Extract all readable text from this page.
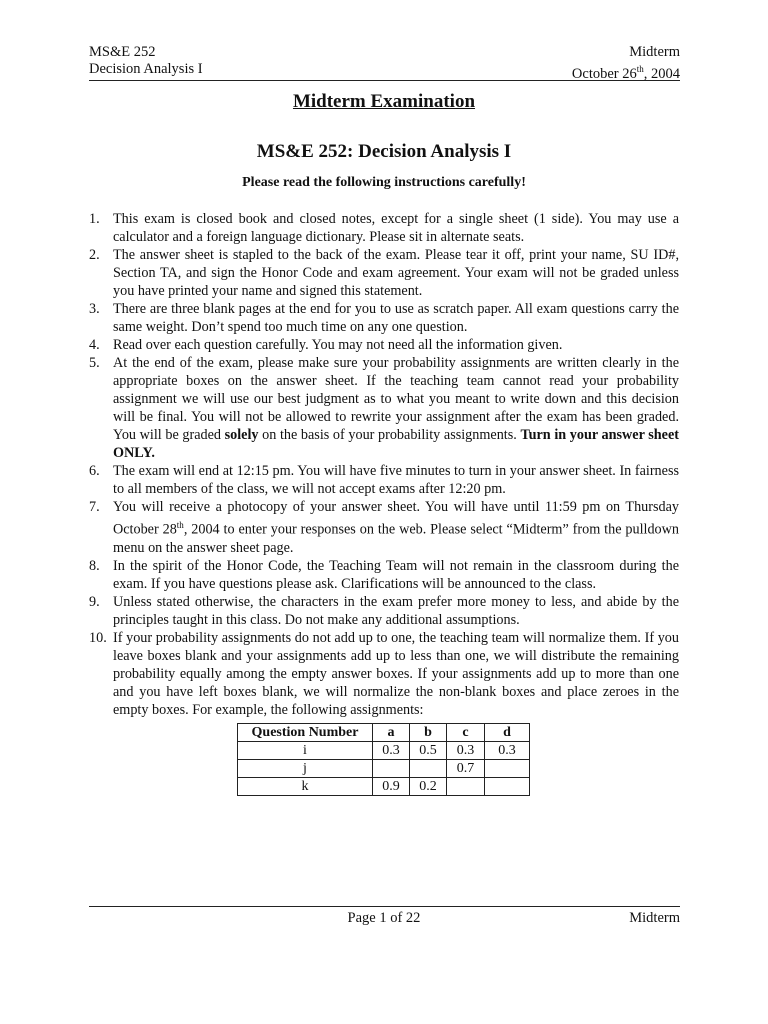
MS&E 252
Decision Analysis I
Midterm
October 26th, 2004
Midterm Examination
MS&E 252: Decision Analysis I
Please read the following instructions carefully!
1. This exam is closed book and closed notes, except for a single sheet (1 side). You may use a calculator and a foreign language dictionary. Please sit in alternate seats.
2. The answer sheet is stapled to the back of the exam. Please tear it off, print your name, SU ID#, Section TA, and sign the Honor Code and exam agreement. Your exam will not be graded unless you have printed your name and signed this statement.
3. There are three blank pages at the end for you to use as scratch paper. All exam questions carry the same weight. Don’t spend too much time on any one question.
4. Read over each question carefully. You may not need all the information given.
5. At the end of the exam, please make sure your probability assignments are written clearly in the appropriate boxes on the answer sheet. If the teaching team cannot read your probability assignment we will use our best judgment as to what you meant to write down and this decision will be final. You will not be allowed to rewrite your assignment after the exam has been graded. You will be graded solely on the basis of your probability assignments. Turn in your answer sheet ONLY.
6. The exam will end at 12:15 pm. You will have five minutes to turn in your answer sheet. In fairness to all members of the class, we will not accept exams after 12:20 pm.
7. You will receive a photocopy of your answer sheet. You will have until 11:59 pm on Thursday October 28th, 2004 to enter your responses on the web. Please select “Midterm” from the pulldown menu on the answer sheet page.
8. In the spirit of the Honor Code, the Teaching Team will not remain in the classroom during the exam. If you have questions please ask. Clarifications will be announced to the class.
9. Unless stated otherwise, the characters in the exam prefer more money to less, and abide by the principles taught in this class. Do not make any additional assumptions.
10. If your probability assignments do not add up to one, the teaching team will normalize them. If you leave boxes blank and your assignments add up to less than one, we will distribute the remaining probability equally among the empty answer boxes. If your assignments add up to more than one and you have left boxes blank, we will normalize the non-blank boxes and place zeroes in the empty boxes. For example, the following assignments:
Question Number	a	b	c	d
i	0.3	0.5	0.3	0.3
j			0.7	
k	0.9	0.2		
Page 1 of 22	Midterm
